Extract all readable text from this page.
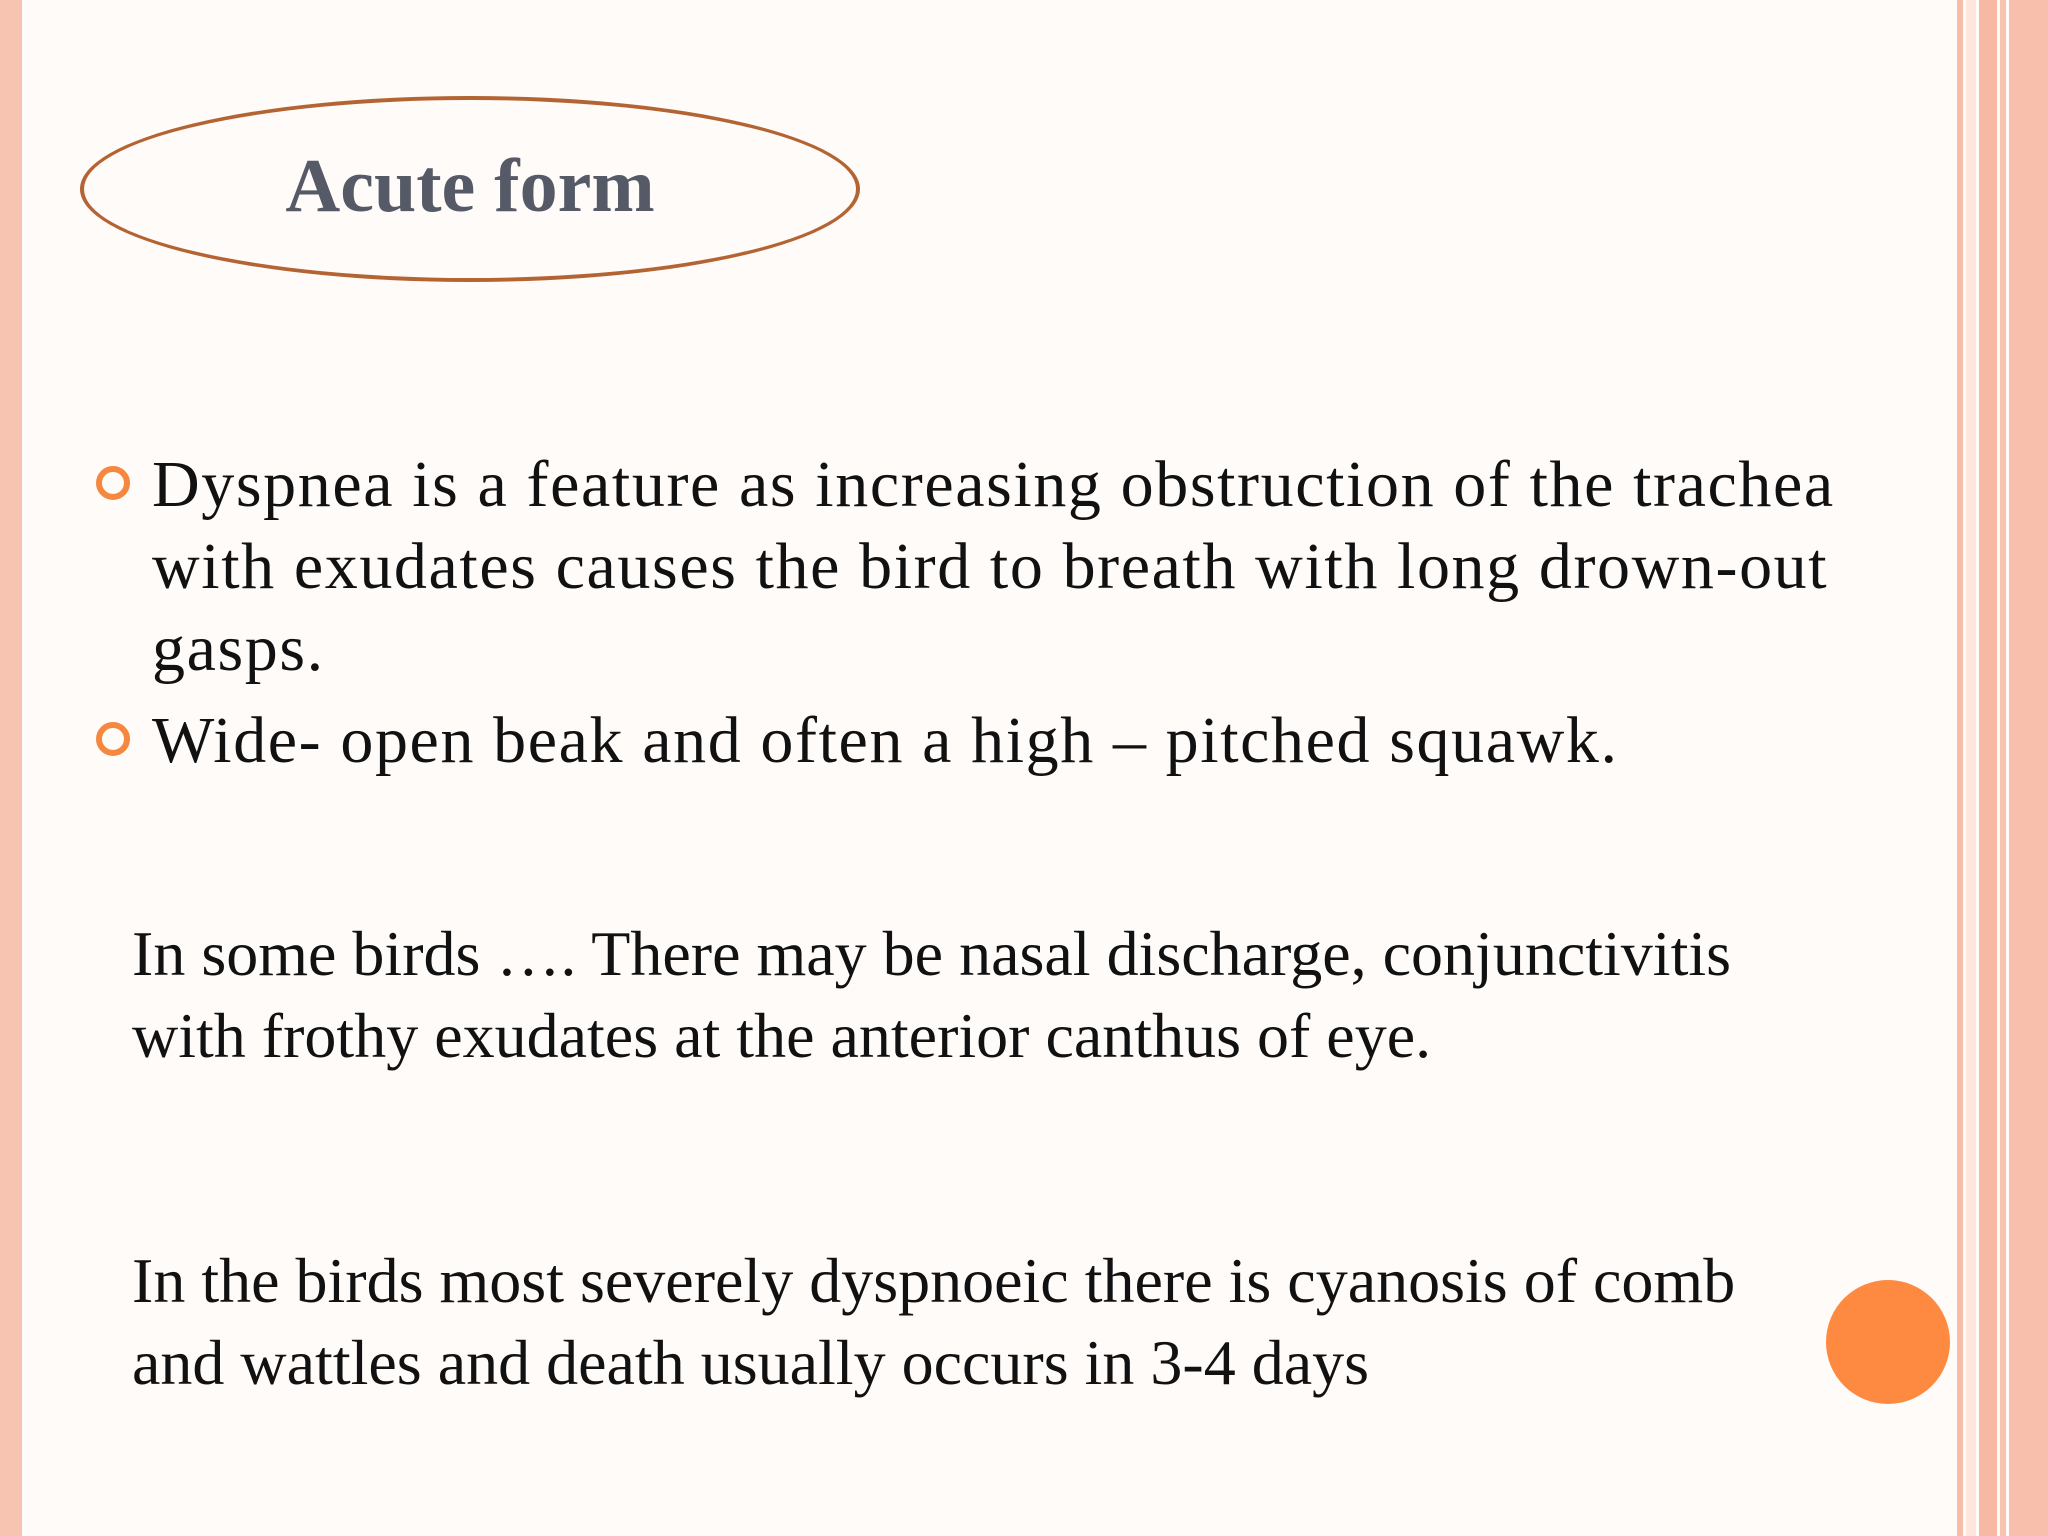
Acute form
Dyspnea is a feature as increasing obstruction of the trachea with exudates causes the bird to breath with long drown-out gasps.
Wide- open beak and often a high – pitched squawk.

In some birds …. There may be nasal discharge, conjunctivitis with frothy exudates at the anterior canthus of eye.

In the birds most severely dyspnoeic there is cyanosis of comb and wattles and death usually occurs in 3-4 days
